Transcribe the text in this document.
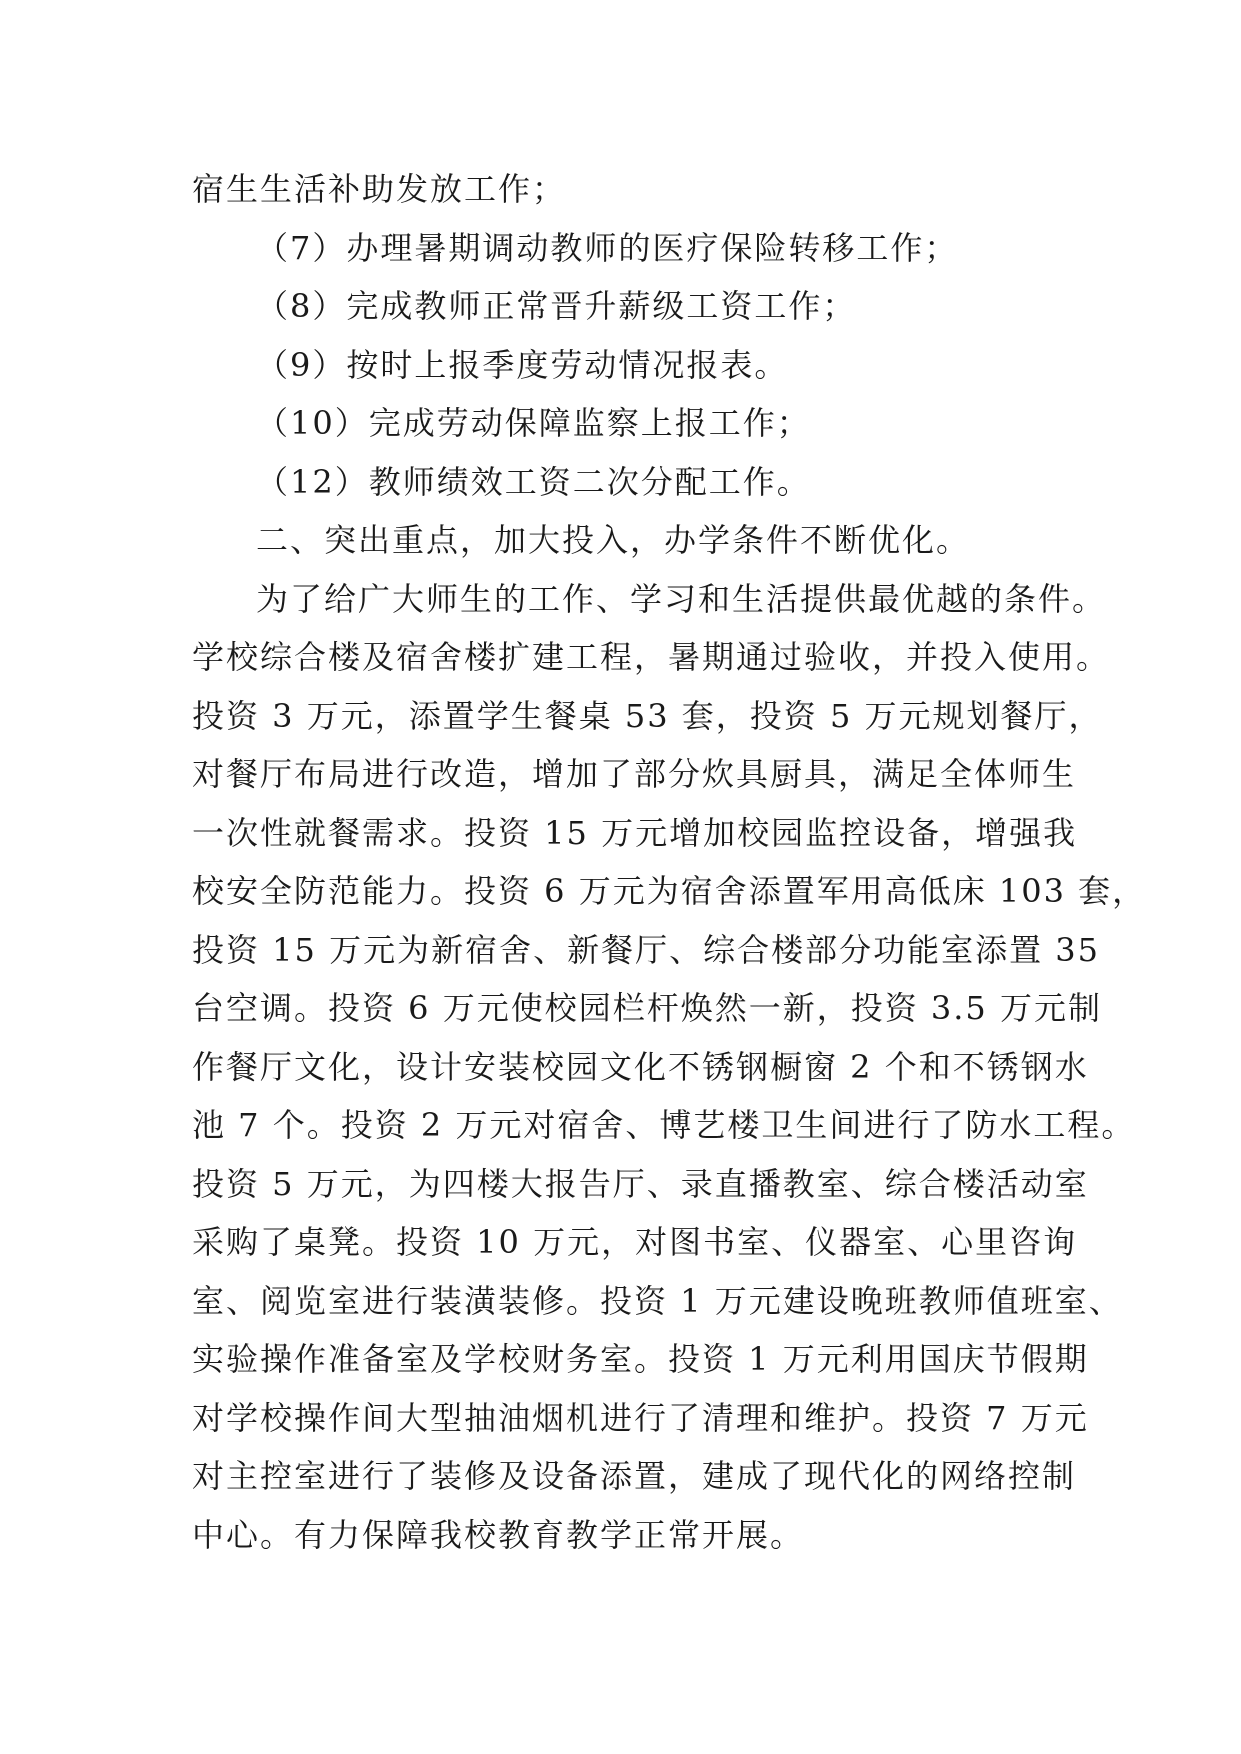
宿生生活补助发放工作；
（7）办理暑期调动教师的医疗保险转移工作；
（8）完成教师正常晋升薪级工资工作；
（9）按时上报季度劳动情况报表。
（10）完成劳动保障监察上报工作；
（12）教师绩效工资二次分配工作。
二、突出重点，加大投入，办学条件不断优化。
为了给广大师生的工作、学习和生活提供最优越的条件。
学校综合楼及宿舍楼扩建工程，暑期通过验收，并投入使用。
投资 3 万元，添置学生餐桌 53 套，投资 5 万元规划餐厅，
对餐厅布局进行改造，增加了部分炊具厨具，满足全体师生
一次性就餐需求。投资 15 万元增加校园监控设备，增强我
校安全防范能力。投资 6 万元为宿舍添置军用高低床 103 套，
投资 15 万元为新宿舍、新餐厅、综合楼部分功能室添置 35
台空调。投资 6 万元使校园栏杆焕然一新，投资 3.5 万元制
作餐厅文化，设计安装校园文化不锈钢橱窗 2 个和不锈钢水
池 7 个。投资 2 万元对宿舍、博艺楼卫生间进行了防水工程。
投资 5 万元，为四楼大报告厅、录直播教室、综合楼活动室
采购了桌凳。投资 10 万元，对图书室、仪器室、心里咨询
室、阅览室进行装潢装修。投资 1 万元建设晚班教师值班室、
实验操作准备室及学校财务室。投资 1 万元利用国庆节假期
对学校操作间大型抽油烟机进行了清理和维护。投资 7 万元
对主控室进行了装修及设备添置，建成了现代化的网络控制
中心。有力保障我校教育教学正常开展。
